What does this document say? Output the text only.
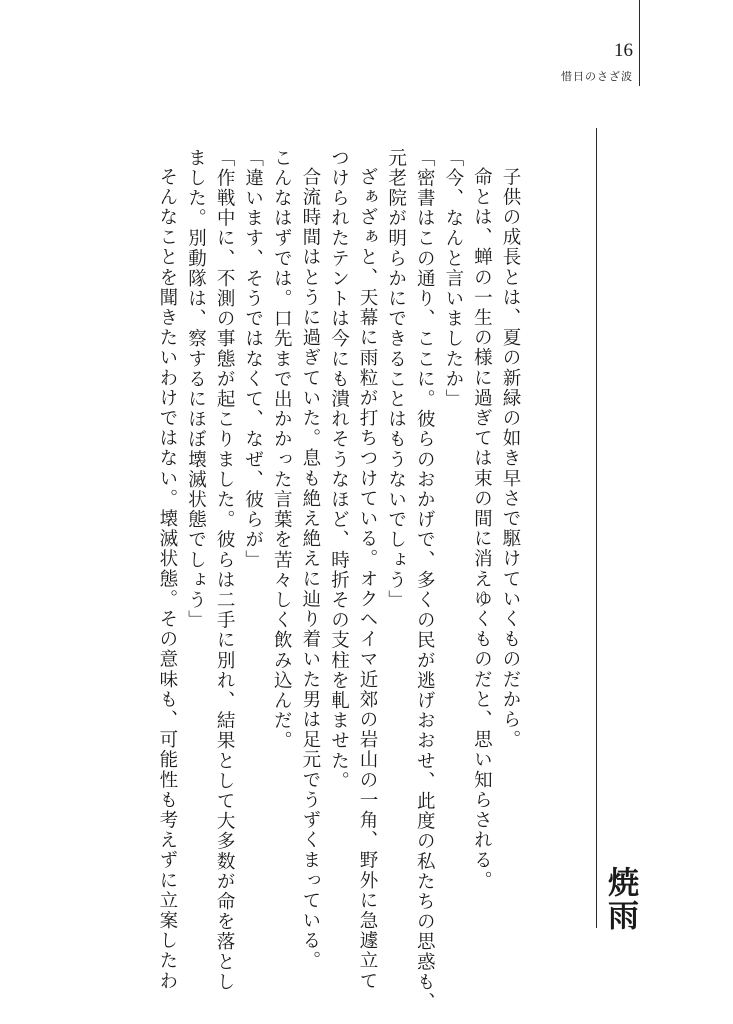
16
惜日のさざ波
焼雨

子供の成長とは、夏の新緑の如き早さで駆けていくものだから。

命とは、蝉の一生の様に過ぎては束の間に消えゆくものだと、思い知らされる。

「今、なんと言いましたか」

「密書はこの通り、ここに。彼らのおかげで、多くの民が逃げおおせ、此度の私たちの思惑も、

元老院が明らかにできることはもうないでしょう」

ざぁざぁと、天幕に雨粒が打ちつけている。オクヘイマ近郊の岩山の一角、野外に急遽立て

つけられたテントは今にも潰れそうなほど、時折その支柱を軋ませた。

合流時間はとうに過ぎていた。息も絶え絶えに辿り着いた男は足元でうずくまっている。

こんなはずでは。口先まで出かかった言葉を苦々しく飲み込んだ。

「違います、そうではなくて、なぜ、彼らが」

「作戦中に、不測の事態が起こりました。彼らは二手に別れ、結果として大多数が命を落とし

ました。別動隊は、察するにほぼ壊滅状態でしょう」

そんなことを聞きたいわけではない。壊滅状態。その意味も、可能性も考えずに立案したわ
